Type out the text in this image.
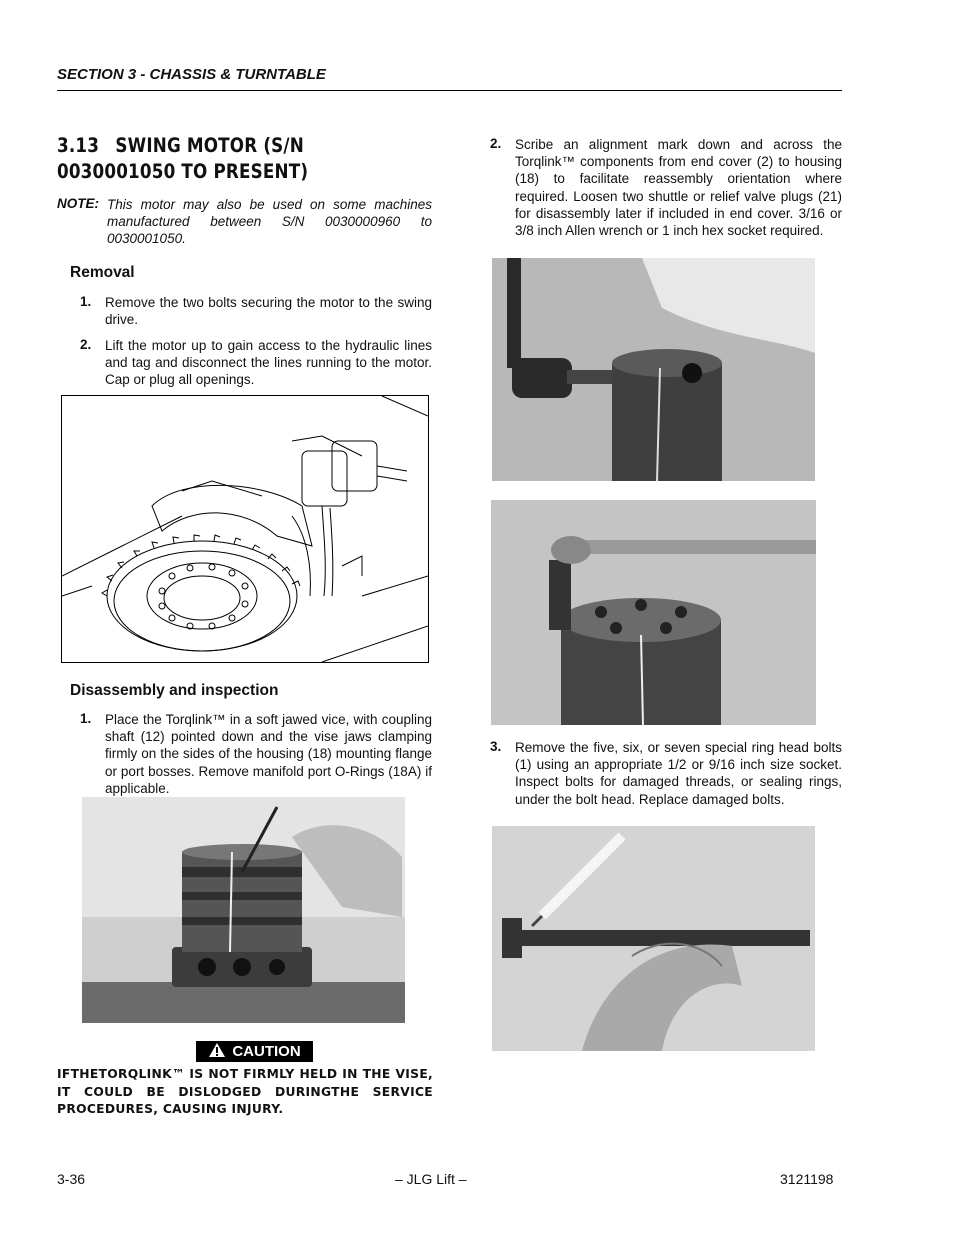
SECTION 3 - CHASSIS & TURNTABLE
3.13 SWING MOTOR (S/N 0030001050 TO PRESENT)
NOTE: This motor may also be used on some machines manufactured between S/N 0030000960 to 0030001050.
Removal
1. Remove the two bolts securing the motor to the swing drive.
2. Lift the motor up to gain access to the hydraulic lines and tag and disconnect the lines running to the motor. Cap or plug all openings.
Disassembly and inspection
1. Place the Torqlink™ in a soft jawed vice, with coupling shaft (12) pointed down and the vise jaws clamping firmly on the sides of the housing (18) mounting flange or port bosses. Remove manifold port O-Rings (18A) if applicable.
CAUTION
IFTHETORQLINK™ IS NOT FIRMLY HELD IN THE VISE, IT COULD BE DISLODGED DURINGTHE SERVICE PROCEDURES, CAUSING INJURY.
2. Scribe an alignment mark down and across the Torqlink™ components from end cover (2) to housing (18) to facilitate reassembly orientation where required. Loosen two shuttle or relief valve plugs (21) for disassembly later if included in end cover. 3/16 or 3/8 inch Allen wrench or 1 inch hex socket required.
3. Remove the five, six, or seven special ring head bolts (1) using an appropriate 1/2 or 9/16 inch size socket. Inspect bolts for damaged threads, or sealing rings, under the bolt head. Replace damaged bolts.
3-36	– JLG Lift –	3121198
